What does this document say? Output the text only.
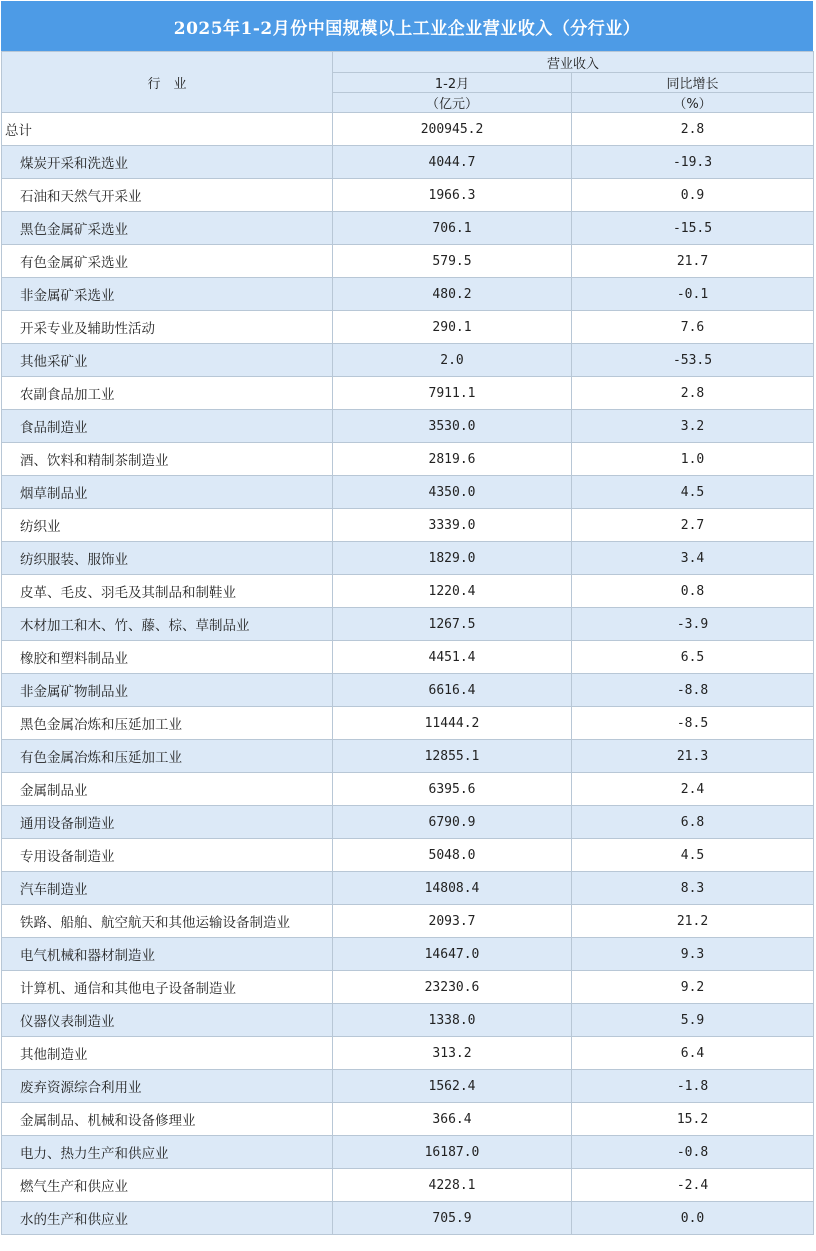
2025年1-2月份中国规模以上工业企业营业收入（分行业）
行　业	营业收入	
	1-2月	同比增长
	（亿元）	（%）
总计	200945.2	2.8
煤炭开采和洗选业	4044.7	-19.3
石油和天然气开采业	1966.3	0.9
黑色金属矿采选业	706.1	-15.5
有色金属矿采选业	579.5	21.7
非金属矿采选业	480.2	-0.1
开采专业及辅助性活动	290.1	7.6
其他采矿业	2.0	-53.5
农副食品加工业	7911.1	2.8
食品制造业	3530.0	3.2
酒、饮料和精制茶制造业	2819.6	1.0
烟草制品业	4350.0	4.5
纺织业	3339.0	2.7
纺织服装、服饰业	1829.0	3.4
皮革、毛皮、羽毛及其制品和制鞋业	1220.4	0.8
木材加工和木、竹、藤、棕、草制品业	1267.5	-3.9
橡胶和塑料制品业	4451.4	6.5
非金属矿物制品业	6616.4	-8.8
黑色金属冶炼和压延加工业	11444.2	-8.5
有色金属冶炼和压延加工业	12855.1	21.3
金属制品业	6395.6	2.4
通用设备制造业	6790.9	6.8
专用设备制造业	5048.0	4.5
汽车制造业	14808.4	8.3
铁路、船舶、航空航天和其他运输设备制造业	2093.7	21.2
电气机械和器材制造业	14647.0	9.3
计算机、通信和其他电子设备制造业	23230.6	9.2
仪器仪表制造业	1338.0	5.9
其他制造业	313.2	6.4
废弃资源综合利用业	1562.4	-1.8
金属制品、机械和设备修理业	366.4	15.2
电力、热力生产和供应业	16187.0	-0.8
燃气生产和供应业	4228.1	-2.4
水的生产和供应业	705.9	0.0
